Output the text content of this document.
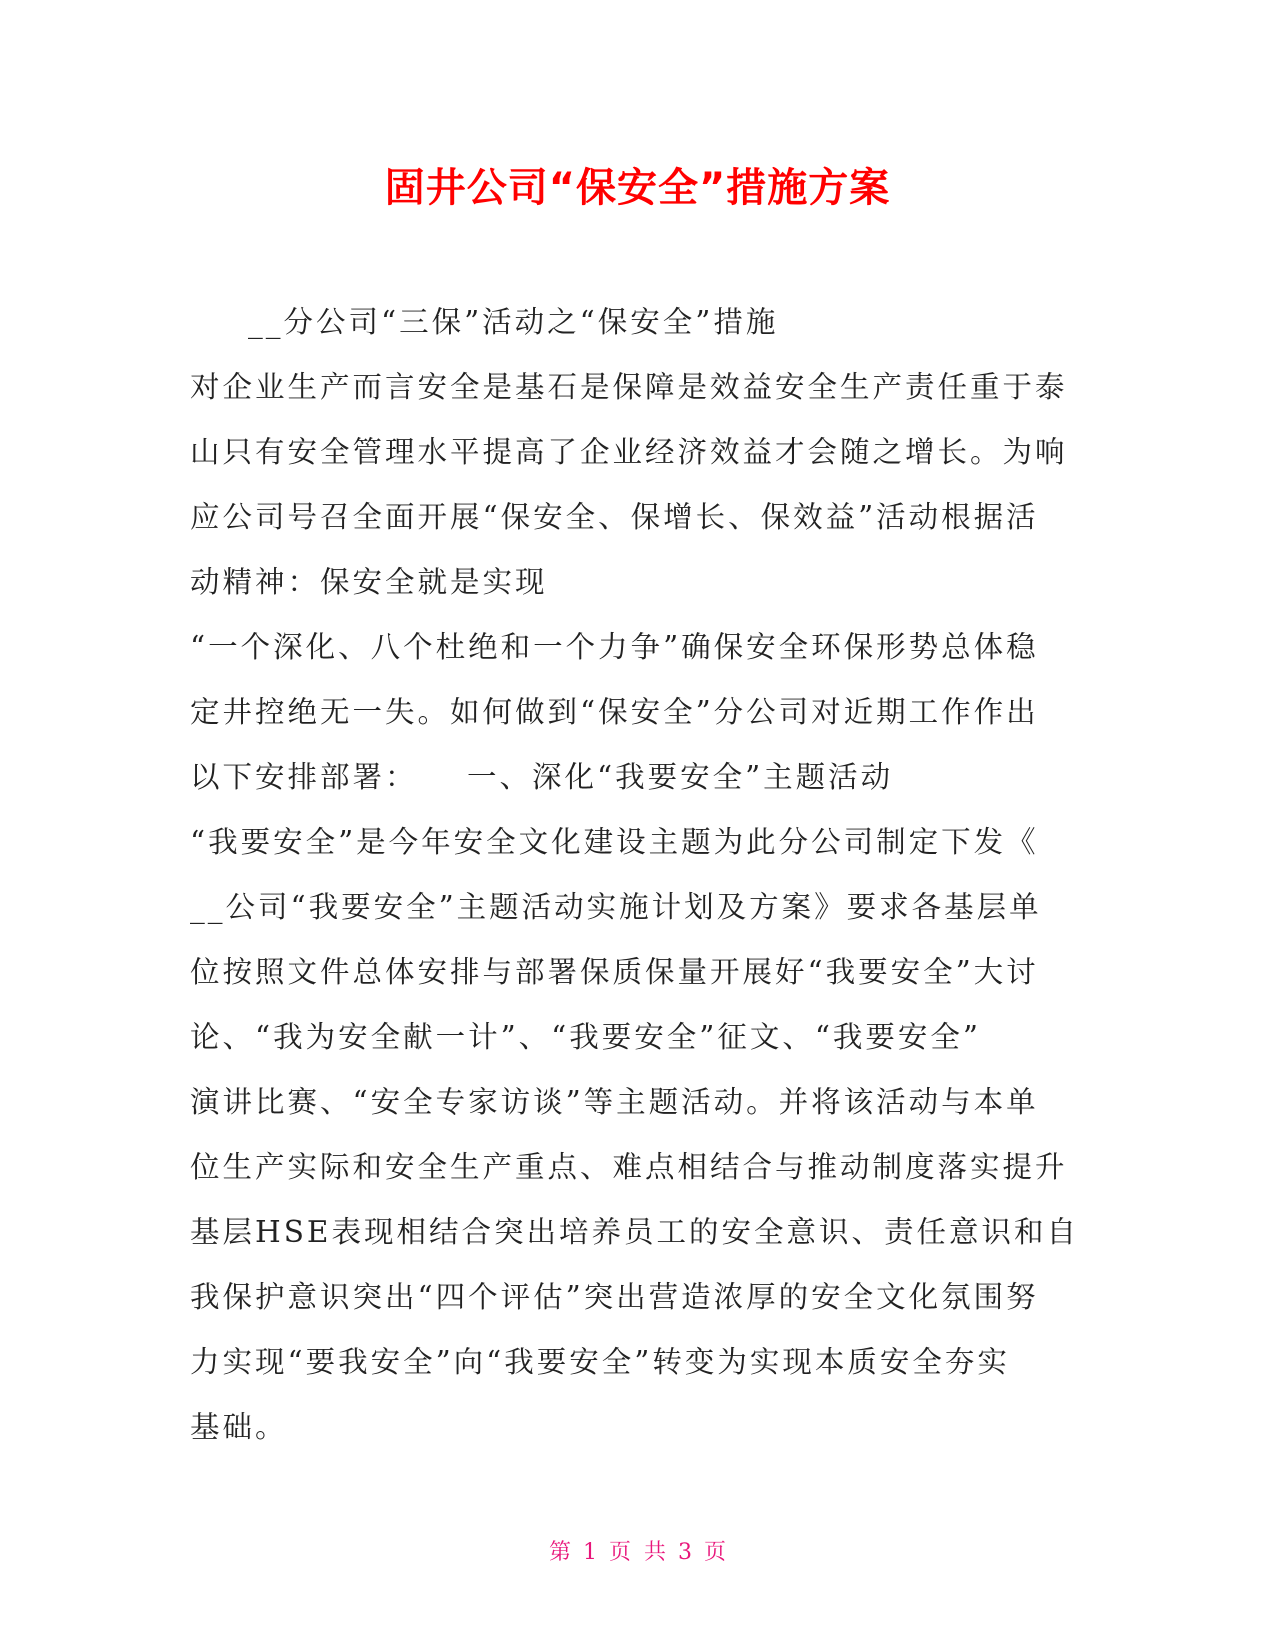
固井公司“保安全”措施方案
__分公司“三保”活动之“保安全”措施
对企业生产而言安全是基石是保障是效益安全生产责任重于泰
山只有安全管理水平提高了企业经济效益才会随之增长。为响
应公司号召全面开展“保安全、保增长、保效益”活动根据活
动精神：保安全就是实现
“一个深化、八个杜绝和一个力争”确保安全环保形势总体稳
定井控绝无一失。如何做到“保安全”分公司对近期工作作出
以下安排部署：    一、深化“我要安全”主题活动
“我要安全”是今年安全文化建设主题为此分公司制定下发《
__公司“我要安全”主题活动实施计划及方案》要求各基层单
位按照文件总体安排与部署保质保量开展好“我要安全”大讨
论、“我为安全献一计”、“我要安全”征文、“我要安全”
演讲比赛、“安全专家访谈”等主题活动。并将该活动与本单
位生产实际和安全生产重点、难点相结合与推动制度落实提升
基层HSE表现相结合突出培养员工的安全意识、责任意识和自
我保护意识突出“四个评估”突出营造浓厚的安全文化氛围努
力实现“要我安全”向“我要安全”转变为实现本质安全夯实
基础。
第 1 页 共 3 页
